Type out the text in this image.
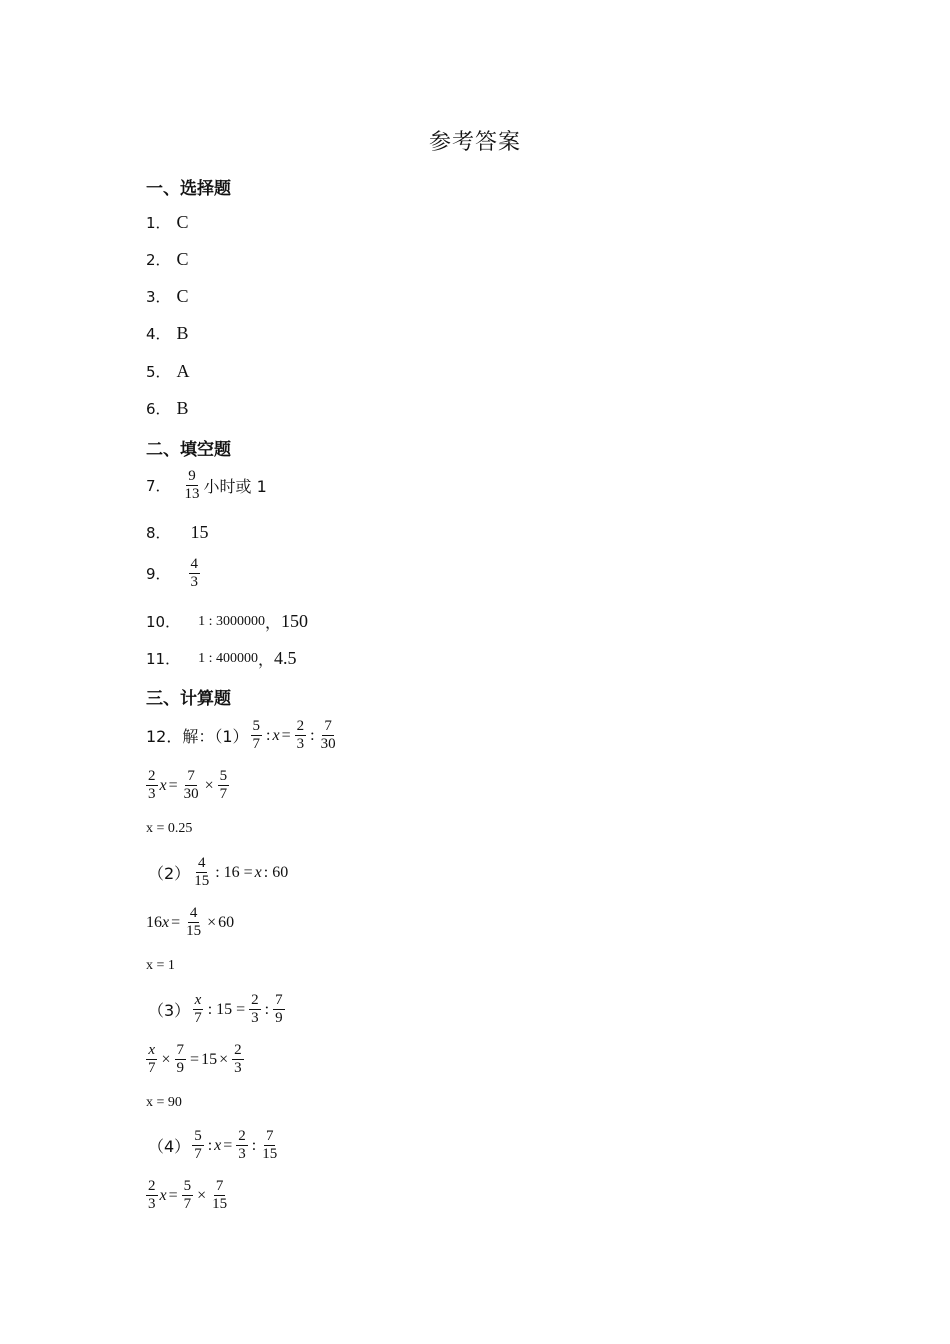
参考答案
一、选择题
1． C
2． C
3． C
4． B
5． A
6． B
二、填空题
7． $\frac{9}{13}$ 小时或 1
8． 15
9． $\frac{4}{3}$
10． 1 : 3000000 ， 150
11． 1 : 400000 ， 4.5
三、计算题
12．解：$(1) \frac{5}{7}$ : $x = \frac{2}{3}$ : $\frac{7}{30}$
$\frac{2}{3}$ $x = \frac{7}{30} \times \frac{5}{7}$
x = 0.25
$(2) \frac{4}{15}$ : 16 = x : 60
16 $x = \frac{4}{15} \times 60$
x = 1
$(3) \frac{x}{7}$ : $15 = \frac{2}{3}$ : $\frac{7}{9}$
$\frac{x}{7} \times \frac{7}{9} = 15 \times \frac{2}{3}$
x = 90
$(4) \frac{5}{7}$ : $x = \frac{2}{3}$ : $\frac{7}{15}$
$\frac{2}{3}$ $x = \frac{5}{7} \times \frac{7}{15}$
